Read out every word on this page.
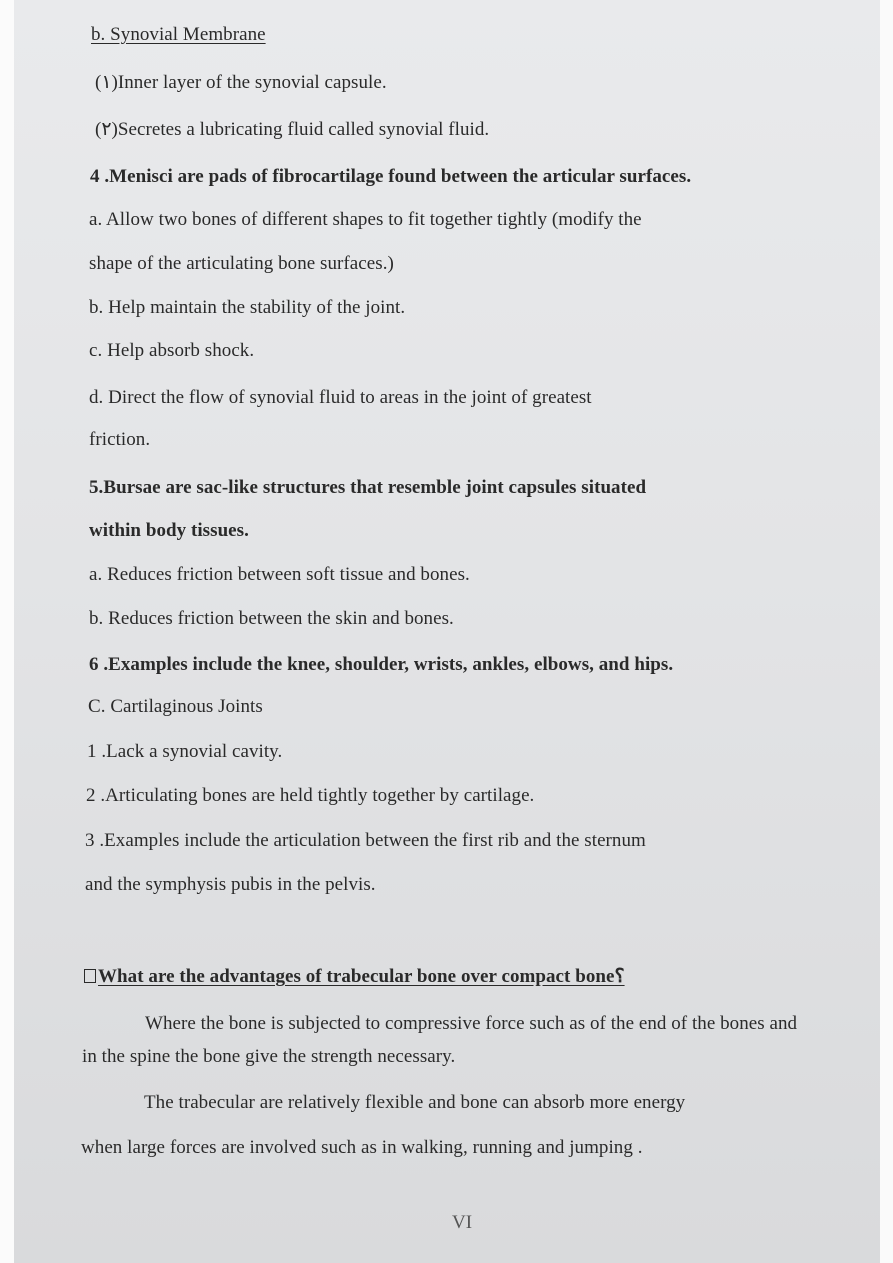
b. Synovial Membrane
(١)Inner layer of the synovial capsule.
(٢)Secretes a lubricating fluid called synovial fluid.
4 .Menisci are pads of fibrocartilage found between the articular surfaces.
a. Allow two bones of different shapes to fit together tightly (modify the
shape of the articulating bone surfaces.)
b. Help maintain the stability of the joint.
c. Help absorb shock.
d. Direct the flow of synovial fluid to areas in the joint of greatest
friction.
5.Bursae are sac-like structures that resemble joint capsules situated
within body tissues.
a. Reduces friction between soft tissue and bones.
b. Reduces friction between the skin and bones.
6 .Examples include the knee, shoulder, wrists, ankles, elbows, and hips.
C. Cartilaginous Joints
1 .Lack a synovial cavity.
2 .Articulating bones are held tightly together by cartilage.
3 .Examples include the articulation between the first rib and the sternum
and the symphysis pubis in the pelvis.
What are the advantages of trabecular bone over compact bone؟
Where the bone is subjected to compressive force such as of the end of the bones and
in the spine the bone give the strength necessary.
The trabecular are relatively flexible and bone can absorb more energy
when large forces are involved such as in walking, running and jumping .
VI
